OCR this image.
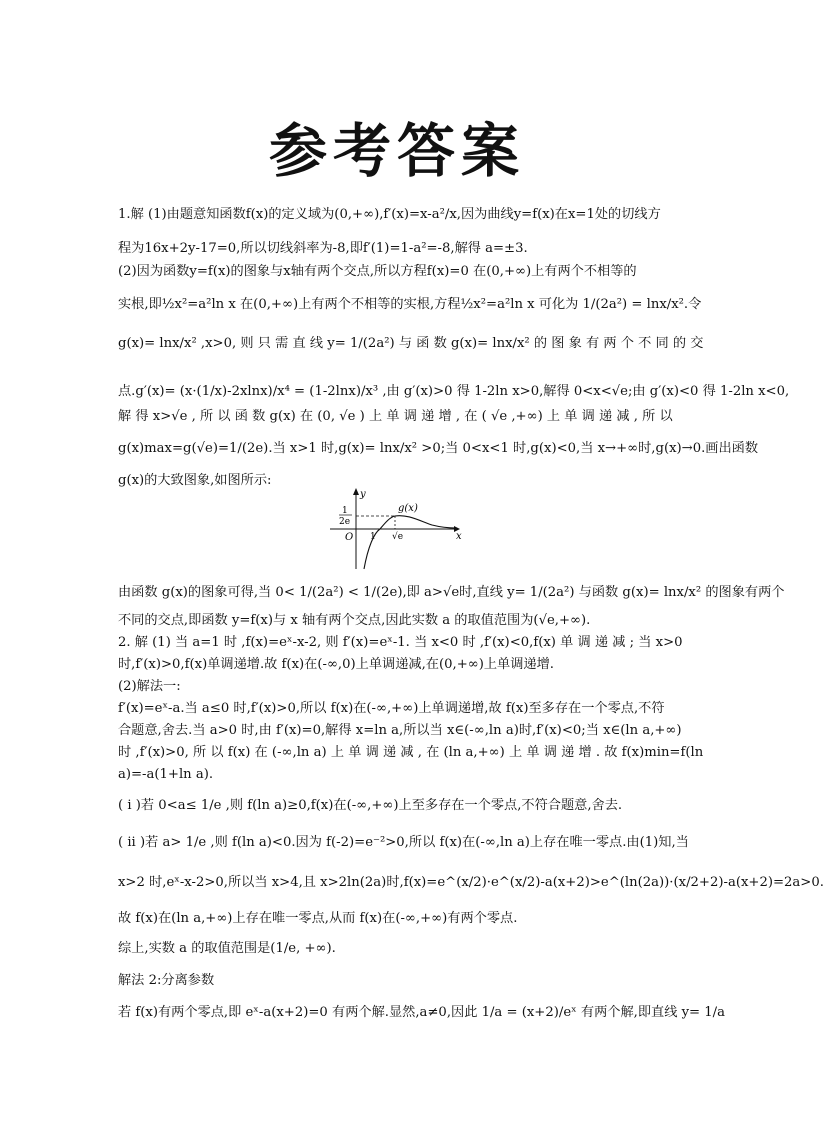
参考答案
1.解 (1)由题意知函数f(x)的定义域为(0,+∞),f′(x)=x-a²/x,因为曲线y=f(x)在x=1处的切线方
程为16x+2y-17=0,所以切线斜率为-8,即f′(1)=1-a²=-8,解得 a=±3.
(2)因为函数y=f(x)的图象与x轴有两个交点,所以方程f(x)=0 在(0,+∞)上有两个不相等的
实根,即½x²=a²ln x 在(0,+∞)上有两个不相等的实根,方程½x²=a²ln x 可化为 1/(2a²) = lnx/x².令
g(x)= lnx/x² ,x>0, 则 只 需 直 线 y= 1/(2a²) 与 函 数 g(x)= lnx/x² 的 图 象 有 两 个 不 同 的 交
点.g′(x)= (x·(1/x)-2xlnx)/x⁴ = (1-2lnx)/x³ ,由 g′(x)>0 得 1-2ln x>0,解得 0<x<√e;由 g′(x)<0 得 1-2ln x<0,
解 得 x>√e , 所 以 函 数 g(x) 在 (0, √e ) 上 单 调 递 增 , 在 ( √e ,+∞) 上 单 调 递 减 , 所 以
g(x)max=g(√e)=1/(2e).当 x>1 时,g(x)= lnx/x² >0;当 0<x<1 时,g(x)<0,当 x→+∞时,g(x)→0.画出函数
g(x)的大致图象,如图所示:
y
x
g(x)
1
2e
O 1 √e
由函数 g(x)的图象可得,当 0< 1/(2a²) < 1/(2e),即 a>√e时,直线 y= 1/(2a²) 与函数 g(x)= lnx/x² 的图象有两个
不同的交点,即函数 y=f(x)与 x 轴有两个交点,因此实数 a 的取值范围为(√e,+∞).
2. 解 (1) 当 a=1 时 ,f(x)=eˣ-x-2, 则 f′(x)=eˣ-1. 当 x<0 时 ,f′(x)<0,f(x) 单 调 递 减 ; 当 x>0
时,f′(x)>0,f(x)单调递增.故 f(x)在(-∞,0)上单调递减,在(0,+∞)上单调递增.
(2)解法一:
f′(x)=eˣ-a.当 a≤0 时,f′(x)>0,所以 f(x)在(-∞,+∞)上单调递增,故 f(x)至多存在一个零点,不符
合题意,舍去.当 a>0 时,由 f′(x)=0,解得 x=ln a,所以当 x∈(-∞,ln a)时,f′(x)<0;当 x∈(ln a,+∞)
时 ,f′(x)>0, 所 以 f(x) 在 (-∞,ln a) 上 单 调 递 减 , 在 (ln a,+∞) 上 单 调 递 增 . 故 f(x)min=f(ln
a)=-a(1+ln a).
( i )若 0<a≤ 1/e ,则 f(ln a)≥0,f(x)在(-∞,+∞)上至多存在一个零点,不符合题意,舍去.
( ii )若 a> 1/e ,则 f(ln a)<0.因为 f(-2)=e⁻²>0,所以 f(x)在(-∞,ln a)上存在唯一零点.由(1)知,当
x>2 时,eˣ-x-2>0,所以当 x>4,且 x>2ln(2a)时,f(x)=e^(x/2)·e^(x/2)-a(x+2)>e^(ln(2a))·(x/2+2)-a(x+2)=2a>0.
故 f(x)在(ln a,+∞)上存在唯一零点,从而 f(x)在(-∞,+∞)有两个零点.
综上,实数 a 的取值范围是(1/e, +∞).
解法 2:分离参数
若 f(x)有两个零点,即 eˣ-a(x+2)=0 有两个解.显然,a≠0,因此 1/a = (x+2)/eˣ 有两个解,即直线 y= 1/a
